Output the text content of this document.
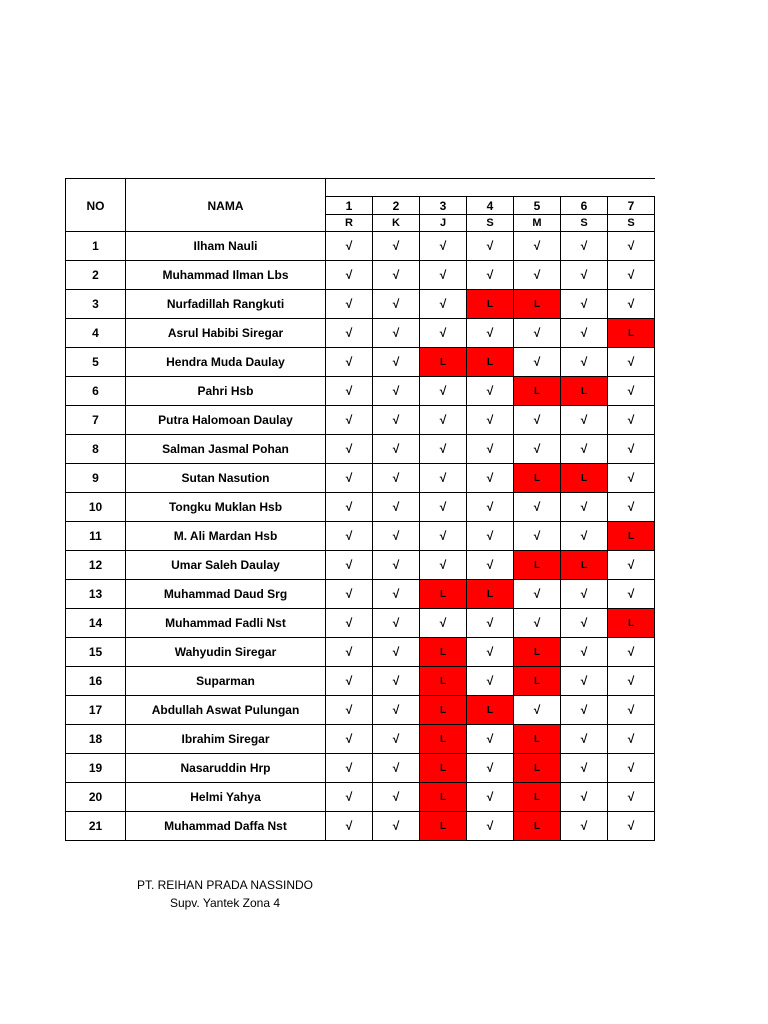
NO	NAMA							
		1	2	3	4	5	6	7
		R	K	J	S	M	S	S
1	Ilham Nauli	√	√	√	√	√	√	√
2	Muhammad Ilman Lbs	√	√	√	√	√	√	√
3	Nurfadillah Rangkuti	√	√	√	L	L	√	√
4	Asrul Habibi Siregar	√	√	√	√	√	√	L
5	Hendra Muda Daulay	√	√	L	L	√	√	√
6	Pahri Hsb	√	√	√	√	L	L	√
7	Putra Halomoan Daulay	√	√	√	√	√	√	√
8	Salman Jasmal Pohan	√	√	√	√	√	√	√
9	Sutan Nasution	√	√	√	√	L	L	√
10	Tongku Muklan Hsb	√	√	√	√	√	√	√
11	M. Ali Mardan Hsb	√	√	√	√	√	√	L
12	Umar Saleh Daulay	√	√	√	√	L	L	√
13	Muhammad Daud Srg	√	√	L	L	√	√	√
14	Muhammad Fadli Nst	√	√	√	√	√	√	L
15	Wahyudin Siregar	√	√	L	√	L	√	√
16	Suparman	√	√	L	√	L	√	√
17	Abdullah Aswat Pulungan	√	√	L	L	√	√	√
18	Ibrahim Siregar	√	√	L	√	L	√	√
19	Nasaruddin Hrp	√	√	L	√	L	√	√
20	Helmi Yahya	√	√	L	√	L	√	√
21	Muhammad Daffa Nst	√	√	L	√	L	√	√
PT. REIHAN PRADA NASSINDO
Supv. Yantek Zona 4
